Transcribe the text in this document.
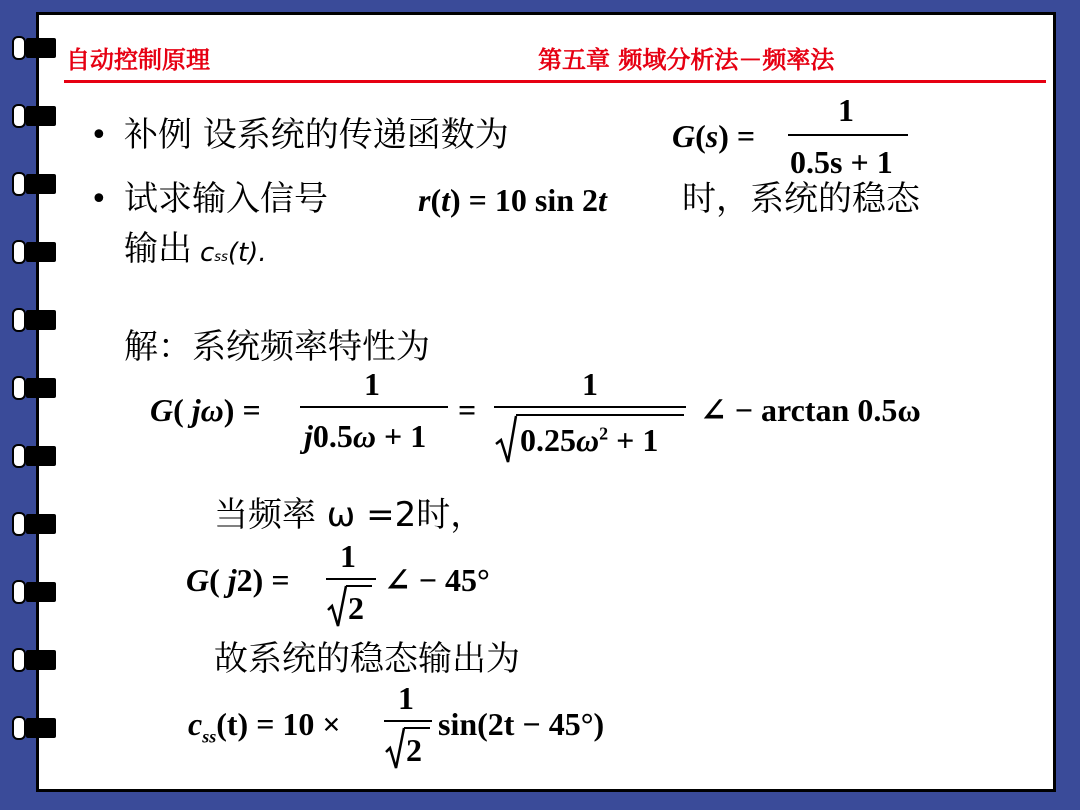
自动控制原理	第五章 频域分析法－频率法
• 补例 设系统的传递函数为	G(s) =
1
0.5s + 1
• 试求输入信号	r(t) = 10 sin 2t 时，系统的稳态
输出 css(t).
解：系统频率特性为
G( jω) =
1
j0.5ω + 1
=
1
$0.25\omega^2 + 1$
∠ − arctan 0.5ω
当频率 ω =2时，
G( j2) =
1
2
∠ − 45°
故系统的稳态输出为
$c_{ss}(t) = 10$ ×
1
2
sin(2t − 45°)
